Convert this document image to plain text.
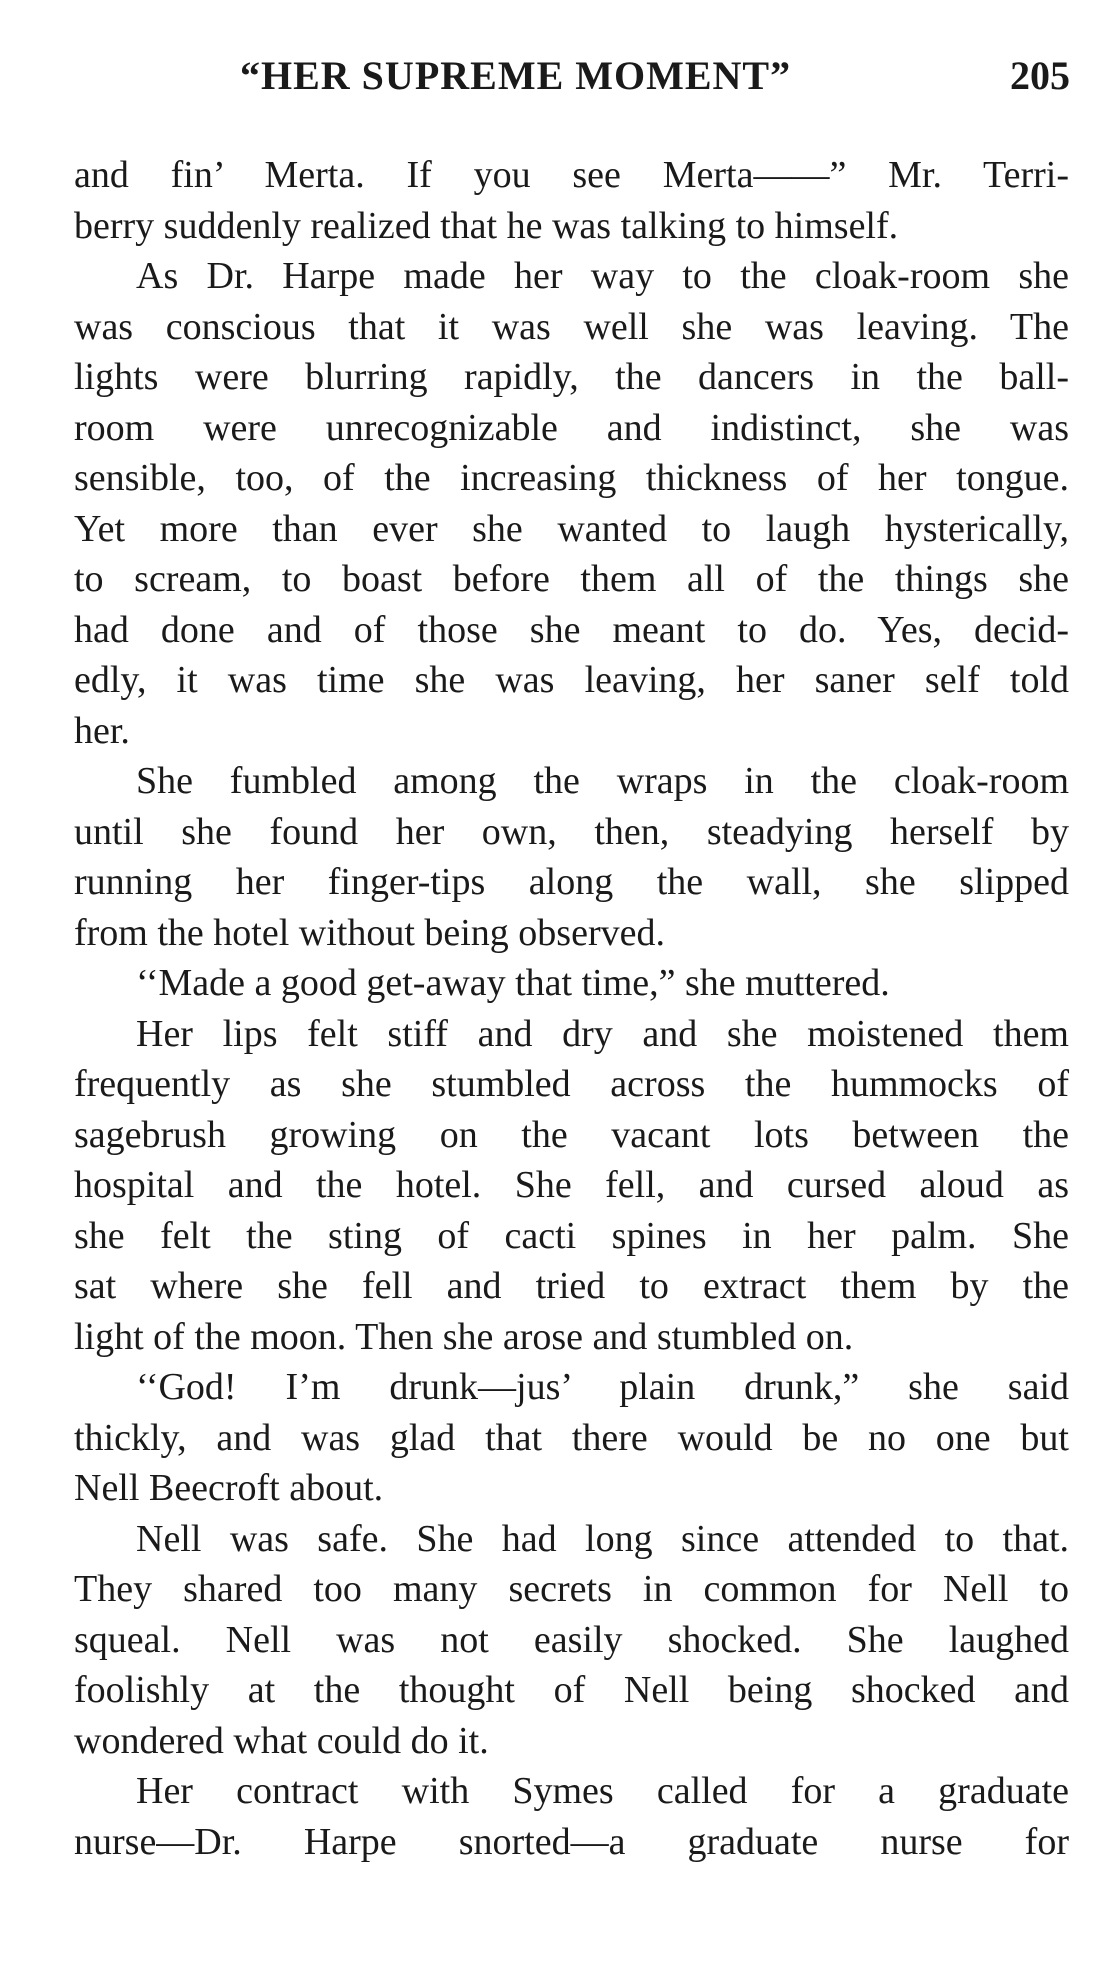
“HER SUPREME MOMENT”	205
and fin’ Merta. If you see Merta——” Mr. Terri-
berry suddenly realized that he was talking to himself.
As Dr. Harpe made her way to the cloak-room she
was conscious that it was well she was leaving. The
lights were blurring rapidly, the dancers in the ball-
room were unrecognizable and indistinct, she was
sensible, too, of the increasing thickness of her tongue.
Yet more than ever she wanted to laugh hysterically,
to scream, to boast before them all of the things she
had done and of those she meant to do. Yes, decid-
edly, it was time she was leaving, her saner self told
her.
She fumbled among the wraps in the cloak-room
until she found her own, then, steadying herself by
running her finger-tips along the wall, she slipped
from the hotel without being observed.
‘‘Made a good get-away that time,” she muttered.
Her lips felt stiff and dry and she moistened them
frequently as she stumbled across the hummocks of
sagebrush growing on the vacant lots between the
hospital and the hotel. She fell, and cursed aloud as
she felt the sting of cacti spines in her palm. She
sat where she fell and tried to extract them by the
light of the moon. Then she arose and stumbled on.
‘‘God! I’m drunk—jus’ plain drunk,” she said
thickly, and was glad that there would be no one but
Nell Beecroft about.
Nell was safe. She had long since attended to that.
They shared too many secrets in common for Nell to
squeal. Nell was not easily shocked. She laughed
foolishly at the thought of Nell being shocked and
wondered what could do it.
Her contract with Symes called for a graduate
nurse—Dr. Harpe snorted—a graduate nurse for
